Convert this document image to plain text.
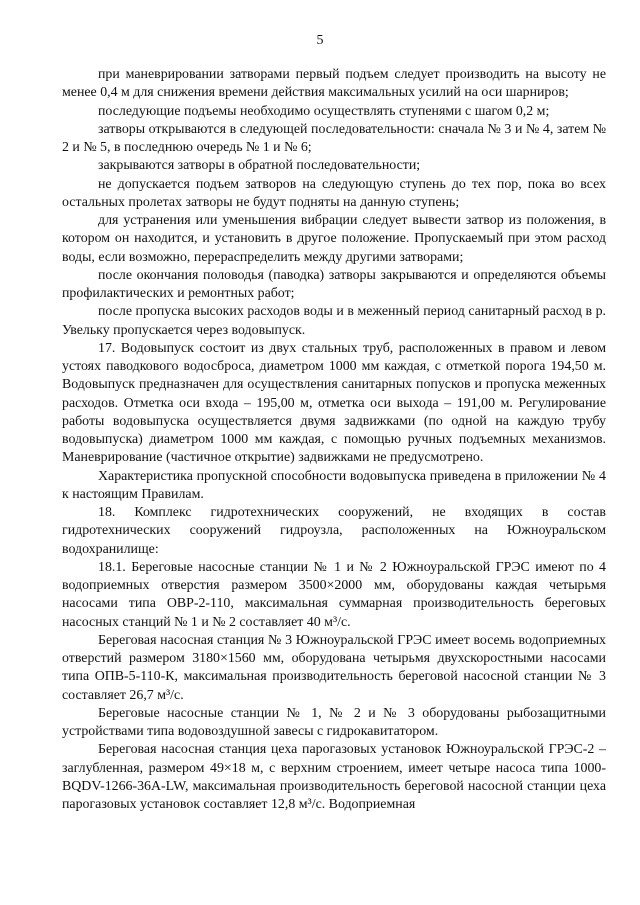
5

при маневрировании затворами первый подъем следует производить на высоту не менее 0,4 м для снижения времени действия максимальных усилий на оси шарниров;

последующие подъемы необходимо осуществлять ступенями с шагом 0,2 м;

затворы открываются в следующей последовательности: сначала № 3 и № 4, затем № 2 и № 5, в последнюю очередь № 1 и № 6;

закрываются затворы в обратной последовательности;

не допускается подъем затворов на следующую ступень до тех пор, пока во всех остальных пролетах затворы не будут подняты на данную ступень;

для устранения или уменьшения вибрации следует вывести затвор из положения, в котором он находится, и установить в другое положение. Пропускаемый при этом расход воды, если возможно, перераспределить между другими затворами;

после окончания половодья (паводка) затворы закрываются и определяются объемы профилактических и ремонтных работ;

после пропуска высоких расходов воды и в меженный период санитарный расход в р. Увельку пропускается через водовыпуск.

17. Водовыпуск состоит из двух стальных труб, расположенных в правом и левом устоях паводкового водосброса, диаметром 1000 мм каждая, с отметкой порога 194,50 м. Водовыпуск предназначен для осуществления санитарных попусков и пропуска меженных расходов. Отметка оси входа – 195,00 м, отметка оси выхода – 191,00 м. Регулирование работы водовыпуска осуществляется двумя задвижками (по одной на каждую трубу водовыпуска) диаметром 1000 мм каждая, с помощью ручных подъемных механизмов. Маневрирование (частичное открытие) задвижками не предусмотрено.

Характеристика пропускной способности водовыпуска приведена в приложении № 4 к настоящим Правилам.

18. Комплекс гидротехнических сооружений, не входящих в состав гидротехнических сооружений гидроузла, расположенных на Южноуральском водохранилище:

18.1. Береговые насосные станции № 1 и № 2 Южноуральской ГРЭС имеют по 4 водоприемных отверстия размером 3500×2000 мм, оборудованы каждая четырьмя насосами типа ОВР-2-110, максимальная суммарная производительность береговых насосных станций № 1 и № 2 составляет 40 м³/с.

Береговая насосная станция № 3 Южноуральской ГРЭС имеет восемь водоприемных отверстий размером 3180×1560 мм, оборудована четырьмя двухскоростными насосами типа ОПВ-5-110-К, максимальная производительность береговой насосной станции № 3 составляет 26,7 м³/с.

Береговые насосные станции № 1, № 2 и № 3 оборудованы рыбозащитными устройствами типа водовоздушной завесы с гидрокавитатором.

Береговая насосная станция цеха парогазовых установок Южноуральской ГРЭС-2 – заглубленная, размером 49×18 м, с верхним строением, имеет четыре насоса типа 1000-BQDV-1266-36A-LW, максимальная производительность береговой насосной станции цеха парогазовых установок составляет 12,8 м³/с. Водоприемная
